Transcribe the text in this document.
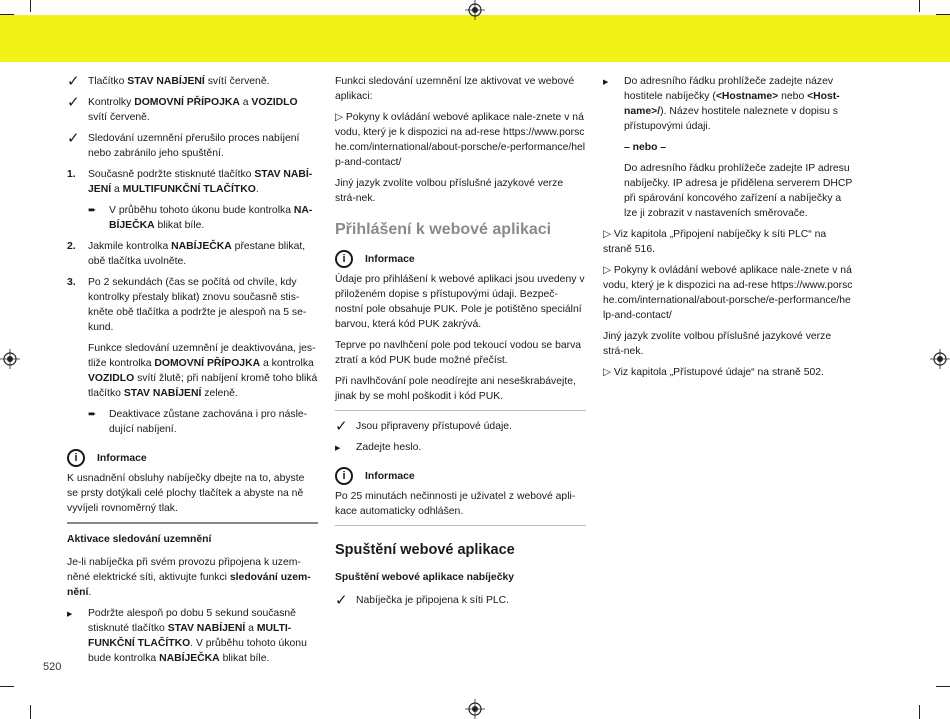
✓ Tlačítko STAV NABÍJENÍ svítí červeně.
✓ Kontrolky DOMOVNÍ PŘÍPOJKA a VOZIDLO svítí červeně.
✓ Sledování uzemnění přerušilo proces nabíjení nebo zabránilo jeho spuštění.
1.	Současně podržte stisknuté tlačítko STAV NABÍ-JENÍ a MULTIFUNKČNÍ TLAČÍTKO.
➨	V průběhu tohoto úkonu bude kontrolka NA-BÍJEČKA blikat bíle.
2.	Jakmile kontrolka NABÍJEČKA přestane blikat, obě tlačítka uvolněte.
3.	Po 2 sekundách (čas se počítá od chvíle, kdy kontrolky přestaly blikat) znovu současně stis-kněte obě tlačítka a podržte je alespoň na 5 se-kund.

Funkce sledování uzemnění je deaktivována, jes-tliže kontrolka DOMOVNÍ PŘÍPOJKA a kontrolka VOZIDLO svítí žlutě; při nabíjení kromě toho bliká tlačítko STAV NABÍJENÍ zeleně.

➨	Deaktivace zůstane zachována i pro násle-dující nabíjení.
i	Informace

K usnadnění obsluhy nabíječky dbejte na to, abyste se prsty dotýkali celé plochy tlačítek a abyste na ně vyvíjeli rovnoměrný tlak.

Aktivace sledování uzemnění

Je-li nabíječka při svém provozu připojena k uzem-něné elektrické síti, aktivujte funkci sledování uzem-nění.

▶	Podržte alespoň po dobu 5 sekund současně stisknuté tlačítko STAV NABÍJENÍ a MULTI-FUNKČNÍ TLAČÍTKO. V průběhu tohoto úkonu bude kontrolka NABÍJEČKA blikat bíle.

Funkci sledování uzemnění lze aktivovat ve webové aplikaci:

▷ Pokyny k ovládání webové aplikace nale-znete v návodu, který je k dispozici na ad-rese https://www.porsche.com/international/about-porsche/e-performance/help-and-contact/

Jiný jazyk zvolíte volbou příslušné jazykové verze strá-nek.

Přihlášení k webové aplikaci
i	Informace

Údaje pro přihlášení k webové aplikaci jsou uvedeny v přiloženém dopise s přístupovými údaji. Bezpeč-nostní pole obsahuje PUK. Pole je potištěno speciální barvou, která kód PUK zakrývá.

Teprve po navlhčení pole pod tekoucí vodou se barva ztratí a kód PUK bude možné přečíst.

Při navlhčování pole neodírejte ani neseškrabávejte, jinak by se mohl poškodit i kód PUK.

✓ Jsou připraveny přístupové údaje.
▶	Zadejte heslo.
i	Informace

Po 25 minutách nečinnosti je uživatel z webové apli-kace automaticky odhlášen.

Spuštění webové aplikace
Spuštění webové aplikace nabíječky
✓ Nabíječka je připojena k síti PLC.
▶	Do adresního řádku prohlížeče zadejte název hostitele nabíječky (<Hostname> nebo <Host-name>/). Název hostitele naleznete v dopisu s přístupovými údaji.

– nebo –

Do adresního řádku prohlížeče zadejte IP adresu nabíječky. IP adresa je přidělena serverem DHCP při spárování koncového zařízení a nabíječky a lze ji zobrazit v nastaveních směrovače.

▷ Viz kapitola „Připojení nabíječky k síti PLC“ na straně 516.

▷ Pokyny k ovládání webové aplikace nale-znete v návodu, který je k dispozici na ad-rese https://www.porsche.com/international/about-porsche/e-performance/help-and-contact/

Jiný jazyk zvolíte volbou příslušné jazykové verze strá-nek.

▷ Viz kapitola „Přístupové údaje“ na straně 502.

520
